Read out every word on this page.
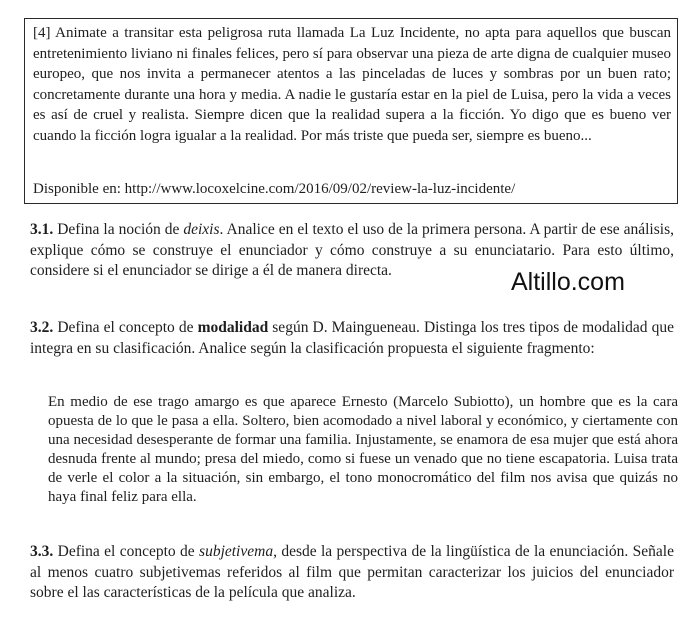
[4] Animate a transitar esta peligrosa ruta llamada La Luz Incidente, no apta para aquellos que buscan entretenimiento liviano ni finales felices, pero sí para observar una pieza de arte digna de cualquier museo europeo, que nos invita a permanecer atentos a las pinceladas de luces y sombras por un buen rato; concretamente durante una hora y media. A nadie le gustaría estar en la piel de Luisa, pero la vida a veces es así de cruel y realista. Siempre dicen que la realidad supera a la ficción. Yo digo que es bueno ver cuando la ficción logra igualar a la realidad. Por más triste que pueda ser, siempre es bueno...

Disponible en: http://www.locoxelcine.com/2016/09/02/review-la-luz-incidente/

3.1. Defina la noción de deixis. Analice en el texto el uso de la primera persona. A partir de ese análisis, explique cómo se construye el enunciador y cómo construye a su enunciatario. Para esto último, considere si el enunciador se dirige a él de manera directa.	Altillo.com

3.2. Defina el concepto de modalidad según D. Maingueneau. Distinga los tres tipos de modalidad que integra en su clasificación. Analice según la clasificación propuesta el siguiente fragmento:

En medio de ese trago amargo es que aparece Ernesto (Marcelo Subiotto), un hombre que es la cara opuesta de lo que le pasa a ella. Soltero, bien acomodado a nivel laboral y económico, y ciertamente con una necesidad desesperante de formar una familia. Injustamente, se enamora de esa mujer que está ahora desnuda frente al mundo; presa del miedo, como si fuese un venado que no tiene escapatoria. Luisa trata de verle el color a la situación, sin embargo, el tono monocromático del film nos avisa que quizás no haya final feliz para ella.

3.3. Defina el concepto de subjetivema, desde la perspectiva de la lingüística de la enunciación. Señale al menos cuatro subjetivemas referidos al film que permitan caracterizar los juicios del enunciador sobre el las características de la película que analiza.
